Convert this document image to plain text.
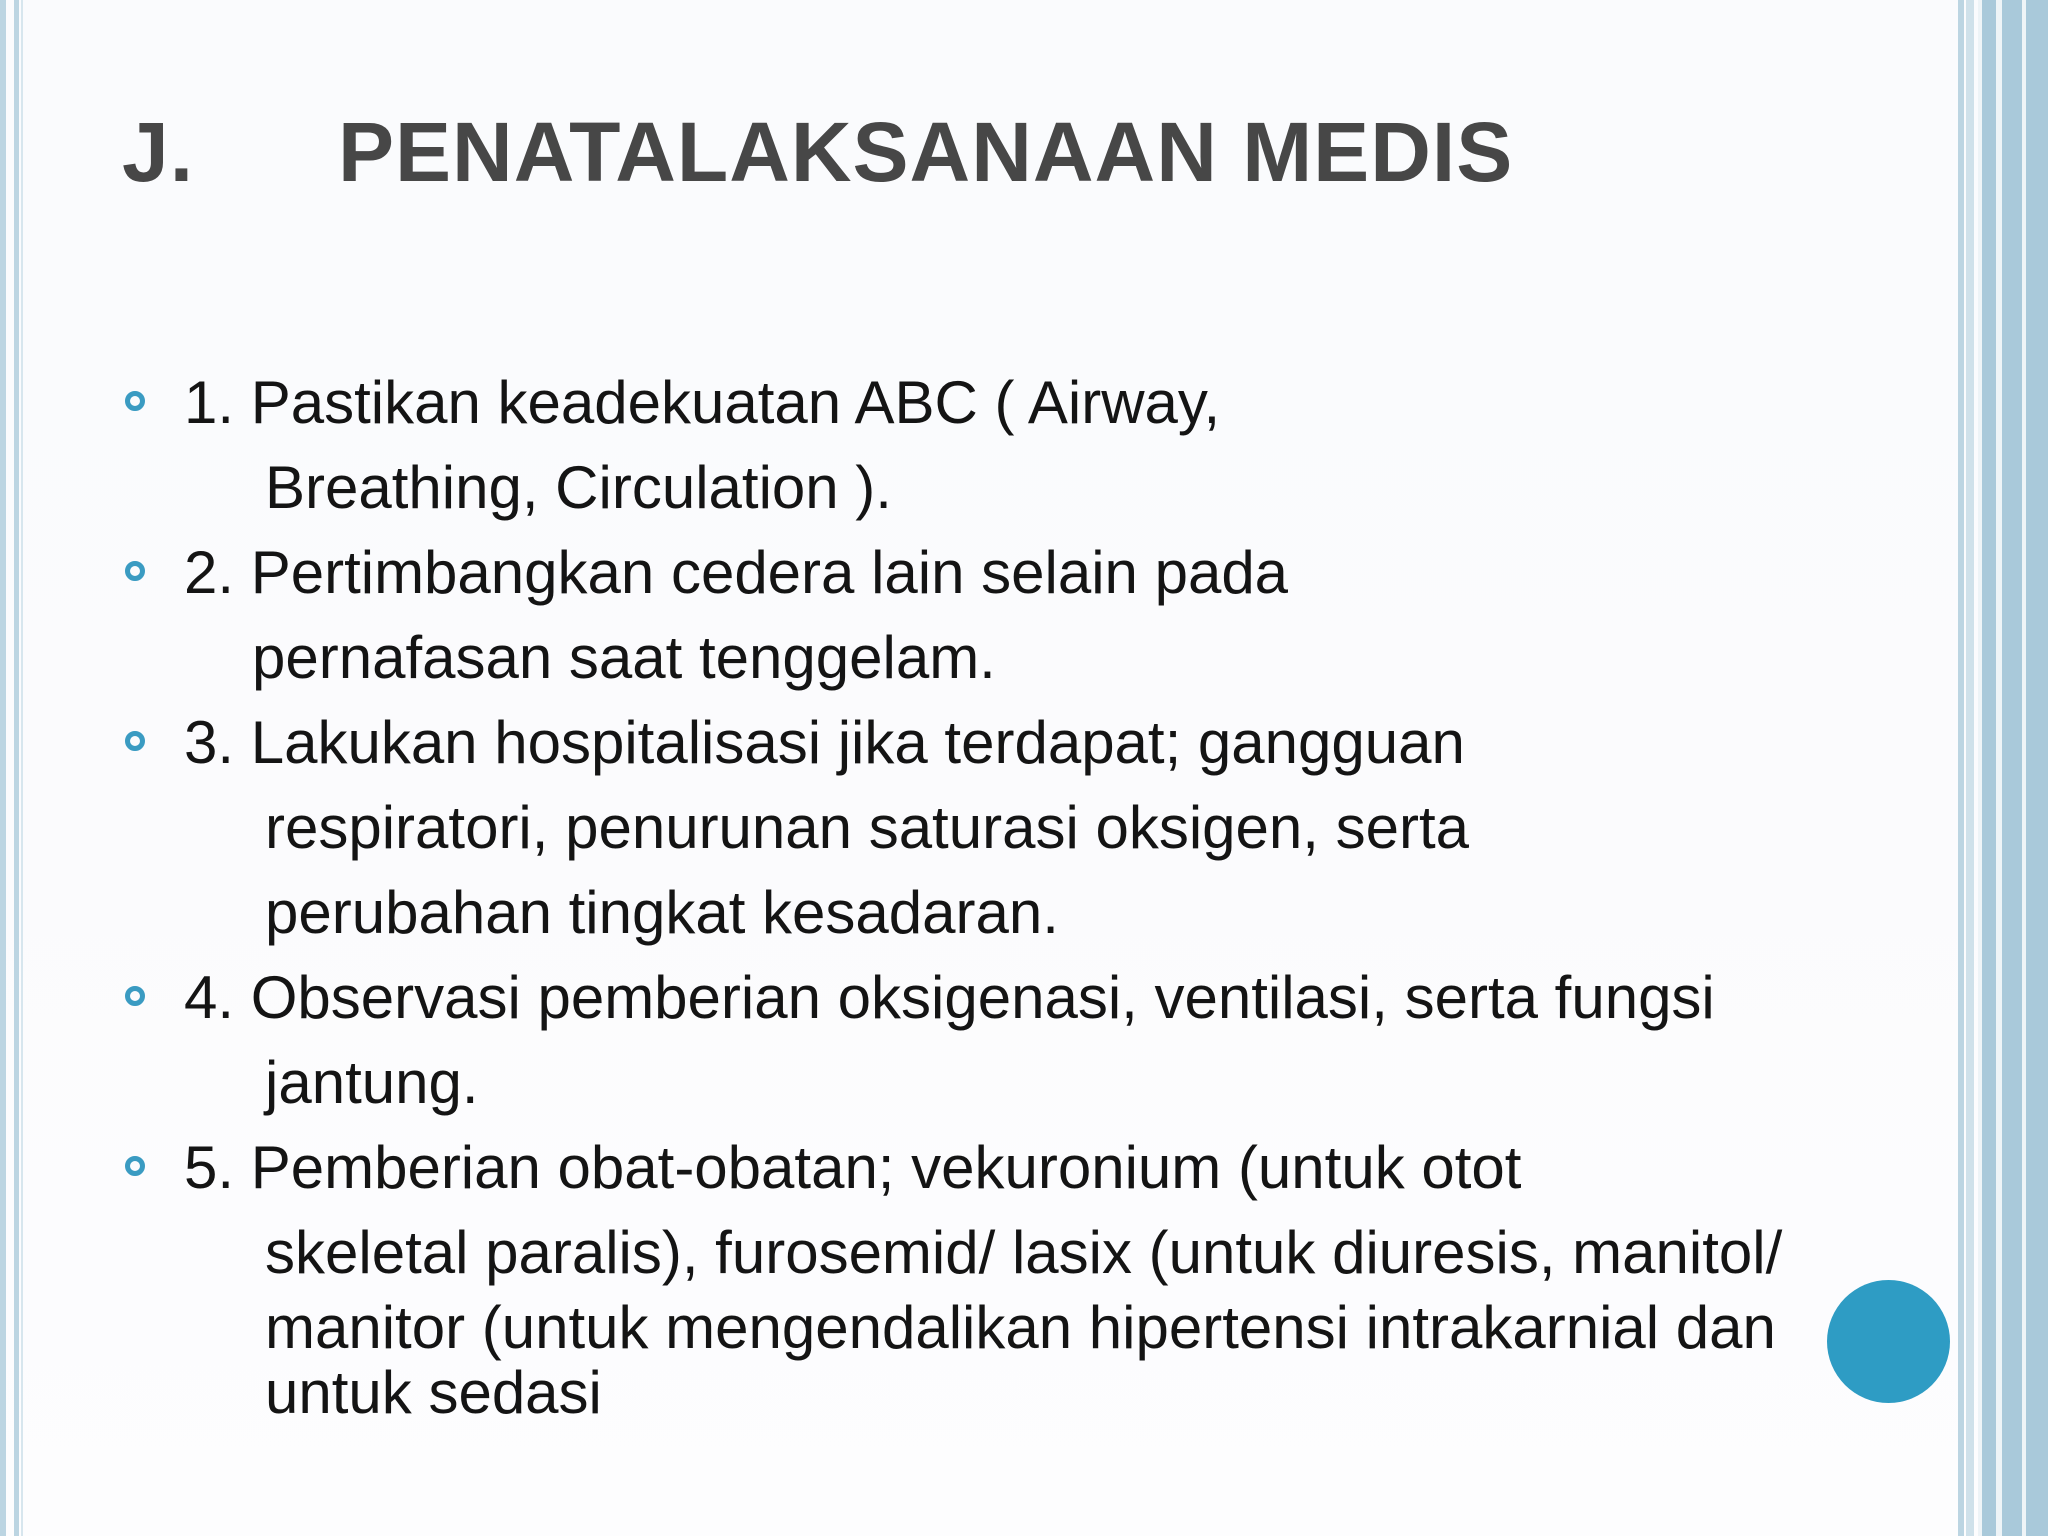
J. PENATALAKSANAAN MEDIS
1. Pastikan keadekuatan ABC ( Airway,
Breathing, Circulation ).
2. Pertimbangkan cedera lain selain pada
pernafasan saat tenggelam.
3. Lakukan hospitalisasi jika terdapat; gangguan
respiratori, penurunan saturasi oksigen, serta
perubahan tingkat kesadaran.
4. Observasi pemberian oksigenasi, ventilasi, serta fungsi
jantung.
5. Pemberian obat-obatan; vekuronium (untuk otot
skeletal paralis), furosemid/ lasix (untuk diuresis, manitol/
manitor (untuk mengendalikan hipertensi intrakarnial dan
untuk sedasi
